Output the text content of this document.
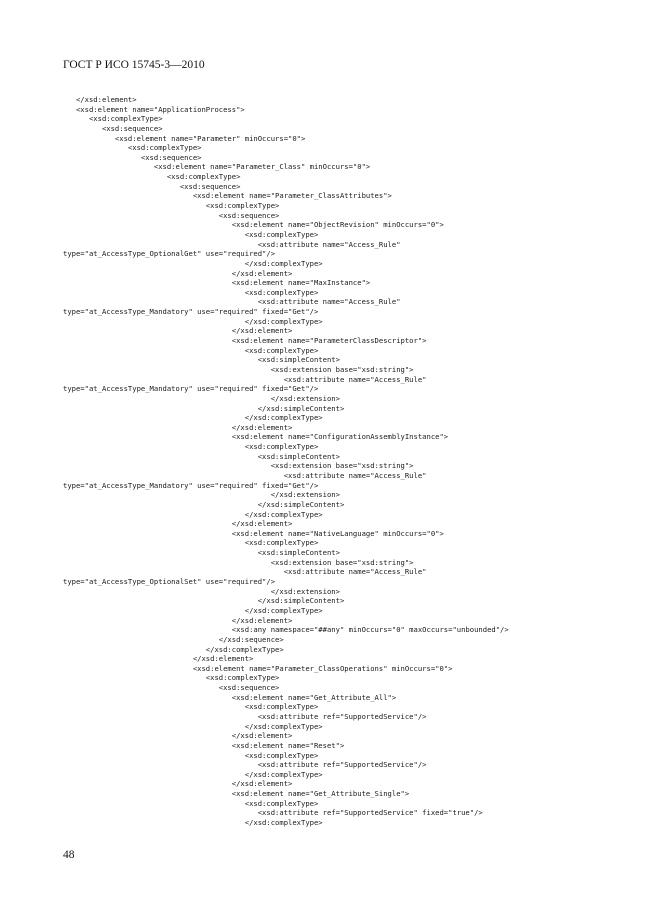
ГОСТ Р ИСО 15745-3—2010
</xsd:element>
<xsd:element name="ApplicationProcess">
<xsd:complexType>
<xsd:sequence>
<xsd:element name="Parameter" minOccurs="0">
<xsd:complexType>
<xsd:sequence>
<xsd:element name="Parameter_Class" minOccurs="0">
<xsd:complexType>
<xsd:sequence>
<xsd:element name="Parameter_ClassAttributes">
<xsd:complexType>
<xsd:sequence>
<xsd:element name="ObjectRevision" minOccurs="0">
<xsd:complexType>
<xsd:attribute name="Access_Rule"
type="at_AccessType_OptionalGet" use="required"/>
</xsd:complexType>
</xsd:element>
<xsd:element name="MaxInstance">
<xsd:complexType>
<xsd:attribute name="Access_Rule"
type="at_AccessType_Mandatory" use="required" fixed="Get"/>
</xsd:complexType>
</xsd:element>
<xsd:element name="ParameterClassDescriptor">
<xsd:complexType>
<xsd:simpleContent>
<xsd:extension base="xsd:string">
<xsd:attribute name="Access_Rule"
type="at_AccessType_Mandatory" use="required" fixed="Get"/>
</xsd:extension>
</xsd:simpleContent>
</xsd:complexType>
</xsd:element>
<xsd:element name="ConfigurationAssemblyInstance">
<xsd:complexType>
<xsd:simpleContent>
<xsd:extension base="xsd:string">
<xsd:attribute name="Access_Rule"
type="at_AccessType_Mandatory" use="required" fixed="Get"/>
</xsd:extension>
</xsd:simpleContent>
</xsd:complexType>
</xsd:element>
<xsd:element name="NativeLanguage" minOccurs="0">
<xsd:complexType>
<xsd:simpleContent>
<xsd:extension base="xsd:string">
<xsd:attribute name="Access_Rule"
type="at_AccessType_OptionalSet" use="required"/>
</xsd:extension>
</xsd:simpleContent>
</xsd:complexType>
</xsd:element>
<xsd:any namespace="##any" minOccurs="0" maxOccurs="unbounded"/>
</xsd:sequence>
</xsd:complexType>
</xsd:element>
<xsd:element name="Parameter_ClassOperations" minOccurs="0">
<xsd:complexType>
<xsd:sequence>
<xsd:element name="Get_Attribute_All">
<xsd:complexType>
<xsd:attribute ref="SupportedService"/>
</xsd:complexType>
</xsd:element>
<xsd:element name="Reset">
<xsd:complexType>
<xsd:attribute ref="SupportedService"/>
</xsd:complexType>
</xsd:element>
<xsd:element name="Get_Attribute_Single">
<xsd:complexType>
<xsd:attribute ref="SupportedService" fixed="true"/>
</xsd:complexType>
48
